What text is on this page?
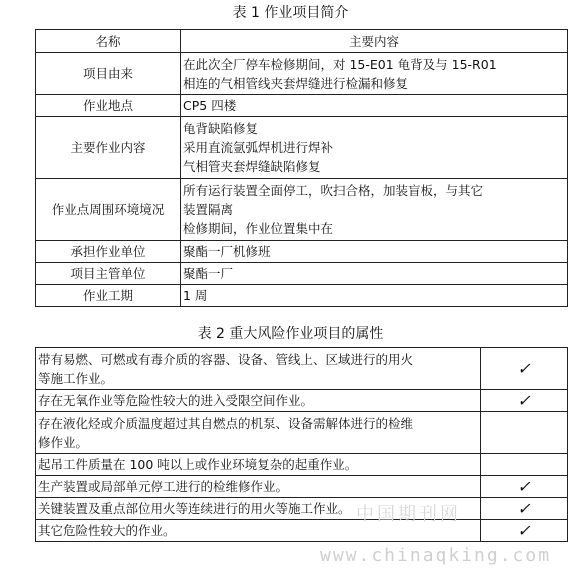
表 1 作业项目简介
名称	主要内容
项目由来	在此次全厂停车检修期间，对 15-E01 龟背及与 15-R01
相连的气相管线夹套焊缝进行检漏和修复

作业地点	CP5 四楼

主要作业内容	龟背缺陷修复
采用直流氩弧焊机进行焊补
气相管夹套焊缝缺陷修复

作业点周围环境境况	所有运行装置全面停工，吹扫合格，加装盲板，与其它
装置隔离
检修期间，作业位置集中在

承担作业单位	聚酯一厂机修班

项目主管单位	聚酯一厂

作业工期	1 周
表 2 重大风险作业项目的属性
带有易燃、可燃或有毒介质的容器、设备、管线上、区域进行的用火
等施工作业。	✓

存在无氧作业等危险性较大的进入受限空间作业。	✓

存在液化烃或介质温度超过其自燃点的机泵、设备需解体进行的检维
修作业。	

起吊工件质量在 100 吨以上或作业环境复杂的起重作业。	

生产装置或局部单元停工进行的检维修作业。	✓

关键装置及重点部位用火等连续进行的用火等施工作业。	✓

其它危险性较大的作业。	✓
中国期刊网
www.chinaqking.com
